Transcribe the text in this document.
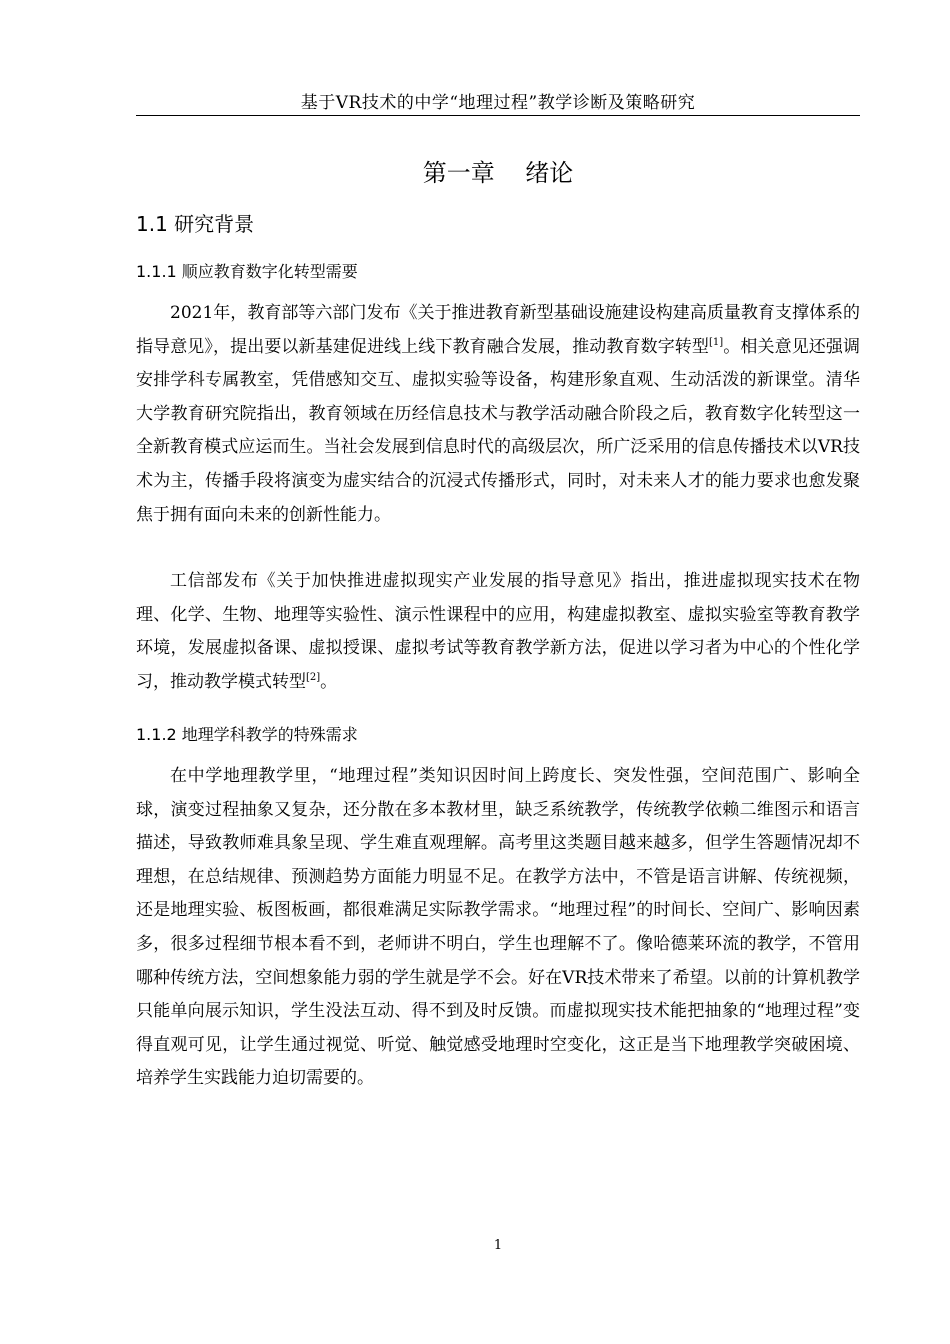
基于VR技术的中学“地理过程”教学诊断及策略研究
第一章    绪论
1.1 研究背景
1.1.1 顺应教育数字化转型需要

2021年，教育部等六部门发布《关于推进教育新型基础设施建设构建高质量教育支撑体系的指导意见》，提出要以新基建促进线上线下教育融合发展，推动教育数字转型[1]。相关意见还强调安排学科专属教室，凭借感知交互、虚拟实验等设备，构建形象直观、生动活泼的新课堂。清华大学教育研究院指出，教育领域在历经信息技术与教学活动融合阶段之后，教育数字化转型这一全新教育模式应运而生。当社会发展到信息时代的高级层次，所广泛采用的信息传播技术以VR技术为主，传播手段将演变为虚实结合的沉浸式传播形式，同时，对未来人才的能力要求也愈发聚焦于拥有面向未来的创新性能力。

工信部发布《关于加快推进虚拟现实产业发展的指导意见》指出，推进虚拟现实技术在物理、化学、生物、地理等实验性、演示性课程中的应用，构建虚拟教室、虚拟实验室等教育教学环境，发展虚拟备课、虚拟授课、虚拟考试等教育教学新方法，促进以学习者为中心的个性化学习，推动教学模式转型[2]。

1.1.2 地理学科教学的特殊需求

在中学地理教学里，“地理过程”类知识因时间上跨度长、突发性强，空间范围广、影响全球，演变过程抽象又复杂，还分散在多本教材里，缺乏系统教学，传统教学依赖二维图示和语言描述，导致教师难具象呈现、学生难直观理解。高考里这类题目越来越多，但学生答题情况却不理想，在总结规律、预测趋势方面能力明显不足。在教学方法中，不管是语言讲解、传统视频，还是地理实验、板图板画，都很难满足实际教学需求。“地理过程”的时间长、空间广、影响因素多，很多过程细节根本看不到，老师讲不明白，学生也理解不了。像哈德莱环流的教学，不管用哪种传统方法，空间想象能力弱的学生就是学不会。好在VR技术带来了希望。以前的计算机教学只能单向展示知识，学生没法互动、得不到及时反馈。而虚拟现实技术能把抽象的“地理过程”变得直观可见，让学生通过视觉、听觉、触觉感受地理时空变化，这正是当下地理教学突破困境、培养学生实践能力迫切需要的。

1
